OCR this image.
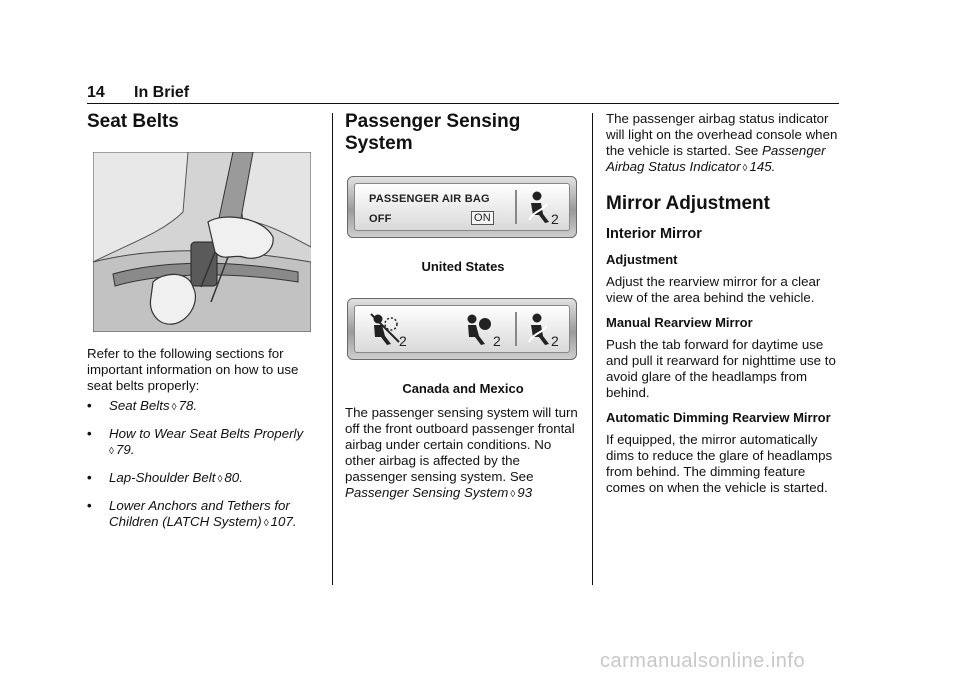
14 In Brief
Seat Belts

Refer to the following sections for important information on how to use seat belts properly:

•	Seat Belts ◊ 78.
•	How to Wear Seat Belts Properly
◊ 79.
•	Lap-Shoulder Belt ◊ 80.
•	Lower Anchors and Tethers for Children (LATCH System) ◊ 107.
Passenger Sensing
System
PASSENGER AIR BAG
OFF	ON	2
United States
2	2	2
Canada and Mexico

The passenger sensing system will turn off the front outboard passenger frontal airbag under certain conditions. No other airbag is affected by the passenger sensing system. See Passenger Sensing System ◊ 93

The passenger airbag status indicator will light on the overhead console when the vehicle is started. See Passenger Airbag Status Indicator ◊ 145.

Mirror Adjustment
Interior Mirror
Adjustment

Adjust the rearview mirror for a clear view of the area behind the vehicle.

Manual Rearview Mirror

Push the tab forward for daytime use and pull it rearward for nighttime use to avoid glare of the headlamps from behind.

Automatic Dimming Rearview Mirror

If equipped, the mirror automatically dims to reduce the glare of headlamps from behind. The dimming feature comes on when the vehicle is started.

carmanualsonline.info
